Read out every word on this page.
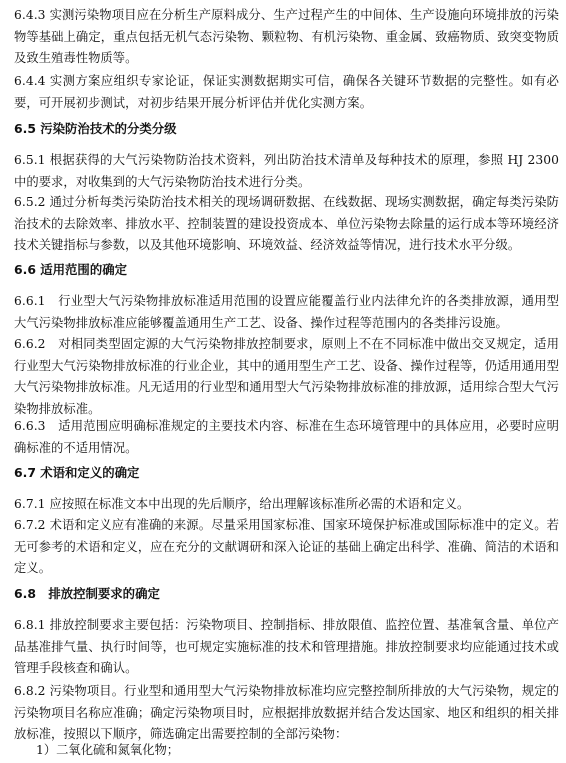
6.4.3 实测污染物项目应在分析生产原料成分、生产过程产生的中间体、生产设施向环境排放的污染物等基础上确定，重点包括无机气态污染物、颗粒物、有机污染物、重金属、致癌物质、致突变物质及致生殖毒性物质等。

6.4.4 实测方案应组织专家论证，保证实测数据期实可信，确保各关键环节数据的完整性。如有必要，可开展初步测试，对初步结果开展分析评估并优化实测方案。

6.5 污染防治技术的分类分级

6.5.1 根据获得的大气污染物防治技术资料，列出防治技术清单及每种技术的原理，参照 HJ 2300 中的要求，对收集到的大气污染物防治技术进行分类。

6.5.2 通过分析每类污染防治技术相关的现场调研数据、在线数据、现场实测数据，确定每类污染防治技术的去除效率、排放水平、控制装置的建设投资成本、单位污染物去除量的运行成本等环境经济技术关键指标与参数，以及其他环境影响、环境效益、经济效益等情况，进行技术水平分级。

6.6 适用范围的确定

6.6.1　行业型大气污染物排放标准适用范围的设置应能覆盖行业内法律允许的各类排放源，通用型大气污染物排放标准应能够覆盖通用生产工艺、设备、操作过程等范围内的各类排污设施。

6.6.2　对相同类型固定源的大气污染物排放控制要求，原则上不在不同标准中做出交叉规定，适用行业型大气污染物排放标准的行业企业，其中的通用型生产工艺、设备、操作过程等，仍适用通用型大气污染物排放标准。凡无适用的行业型和通用型大气污染物排放标准的排放源，适用综合型大气污染物排放标准。

6.6.3　适用范围应明确标准规定的主要技术内容、标准在生态环境管理中的具体应用，必要时应明确标准的不适用情况。

6.7 术语和定义的确定

6.7.1 应按照在标准文本中出现的先后顺序，给出理解该标准所必需的术语和定义。

6.7.2 术语和定义应有准确的来源。尽量采用国家标准、国家环境保护标准或国际标准中的定义。若无可参考的术语和定义，应在充分的文献调研和深入论证的基础上确定出科学、准确、简洁的术语和定义。

6.8　排放控制要求的确定

6.8.1 排放控制要求主要包括：污染物项目、控制指标、排放限值、监控位置、基准氧含量、单位产品基准排气量、执行时间等，也可规定实施标准的技术和管理措施。排放控制要求均应能通过技术或管理手段核查和确认。

6.8.2 污染物项目。行业型和通用型大气污染物排放标准均应完整控制所排放的大气污染物，规定的污染物项目名称应准确；确定污染物项目时，应根据排放数据并结合发达国家、地区和组织的相关排放标准，按照以下顺序，筛选确定出需要控制的全部污染物：

1）二氧化硫和氮氧化物；
